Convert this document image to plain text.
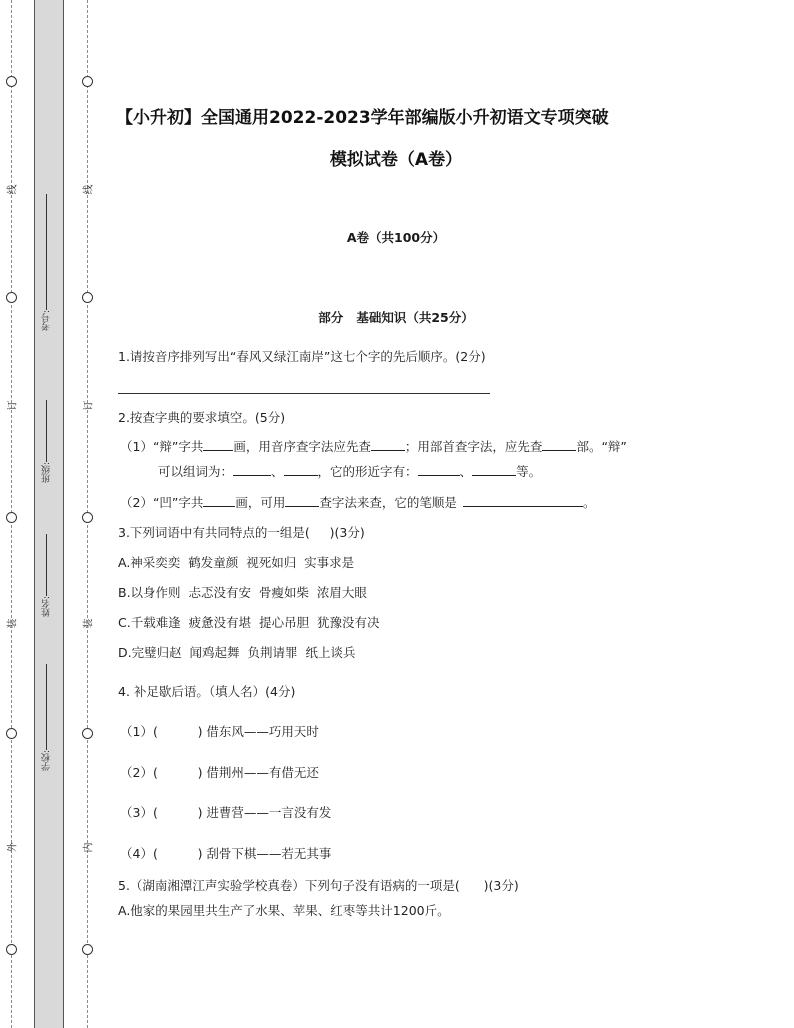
线
订
装
外
线
订
装
内
考号:
班级:
姓名:
学校:
【小升初】全国通用2022-2023学年部编版小升初语文专项突破
模拟试卷（A卷）
A卷（共100分）
部分   基础知识（共25分）
1.请按音序排列写出“春风又绿江南岸”这七个字的先后顺序。(2分)
2.按查字典的要求填空。(5分)
（1）“辩”字共 画，用音序查字法应先查	；用部首查字法，应先查	部。“辩”
可以组词为：	、	，它的形近字有：	、	等。
（2）“凹”字共	画，可用	查字法来查，它的笔顺是	。
3.下列词语中有共同特点的一组是(     )(3分)
A.神采奕奕  鹤发童颜  视死如归  实事求是
B.以身作则  忐忑没有安  骨瘦如柴  浓眉大眼
C.千载难逢  疲惫没有堪  提心吊胆  犹豫没有决
D.完璧归赵  闻鸡起舞  负荆请罪  纸上谈兵
4. 补足歇后语。（填人名）(4分)
（1）(          ) 借东风——巧用天时
（2）(          ) 借荆州——有借无还
（3）(          ) 进曹营——一言没有发
（4）(          ) 刮骨下棋——若无其事
5.（湖南湘潭江声实验学校真卷）下列句子没有语病的一项是(      )(3分)
A.他家的果园里共生产了水果、苹果、红枣等共计1200斤。
